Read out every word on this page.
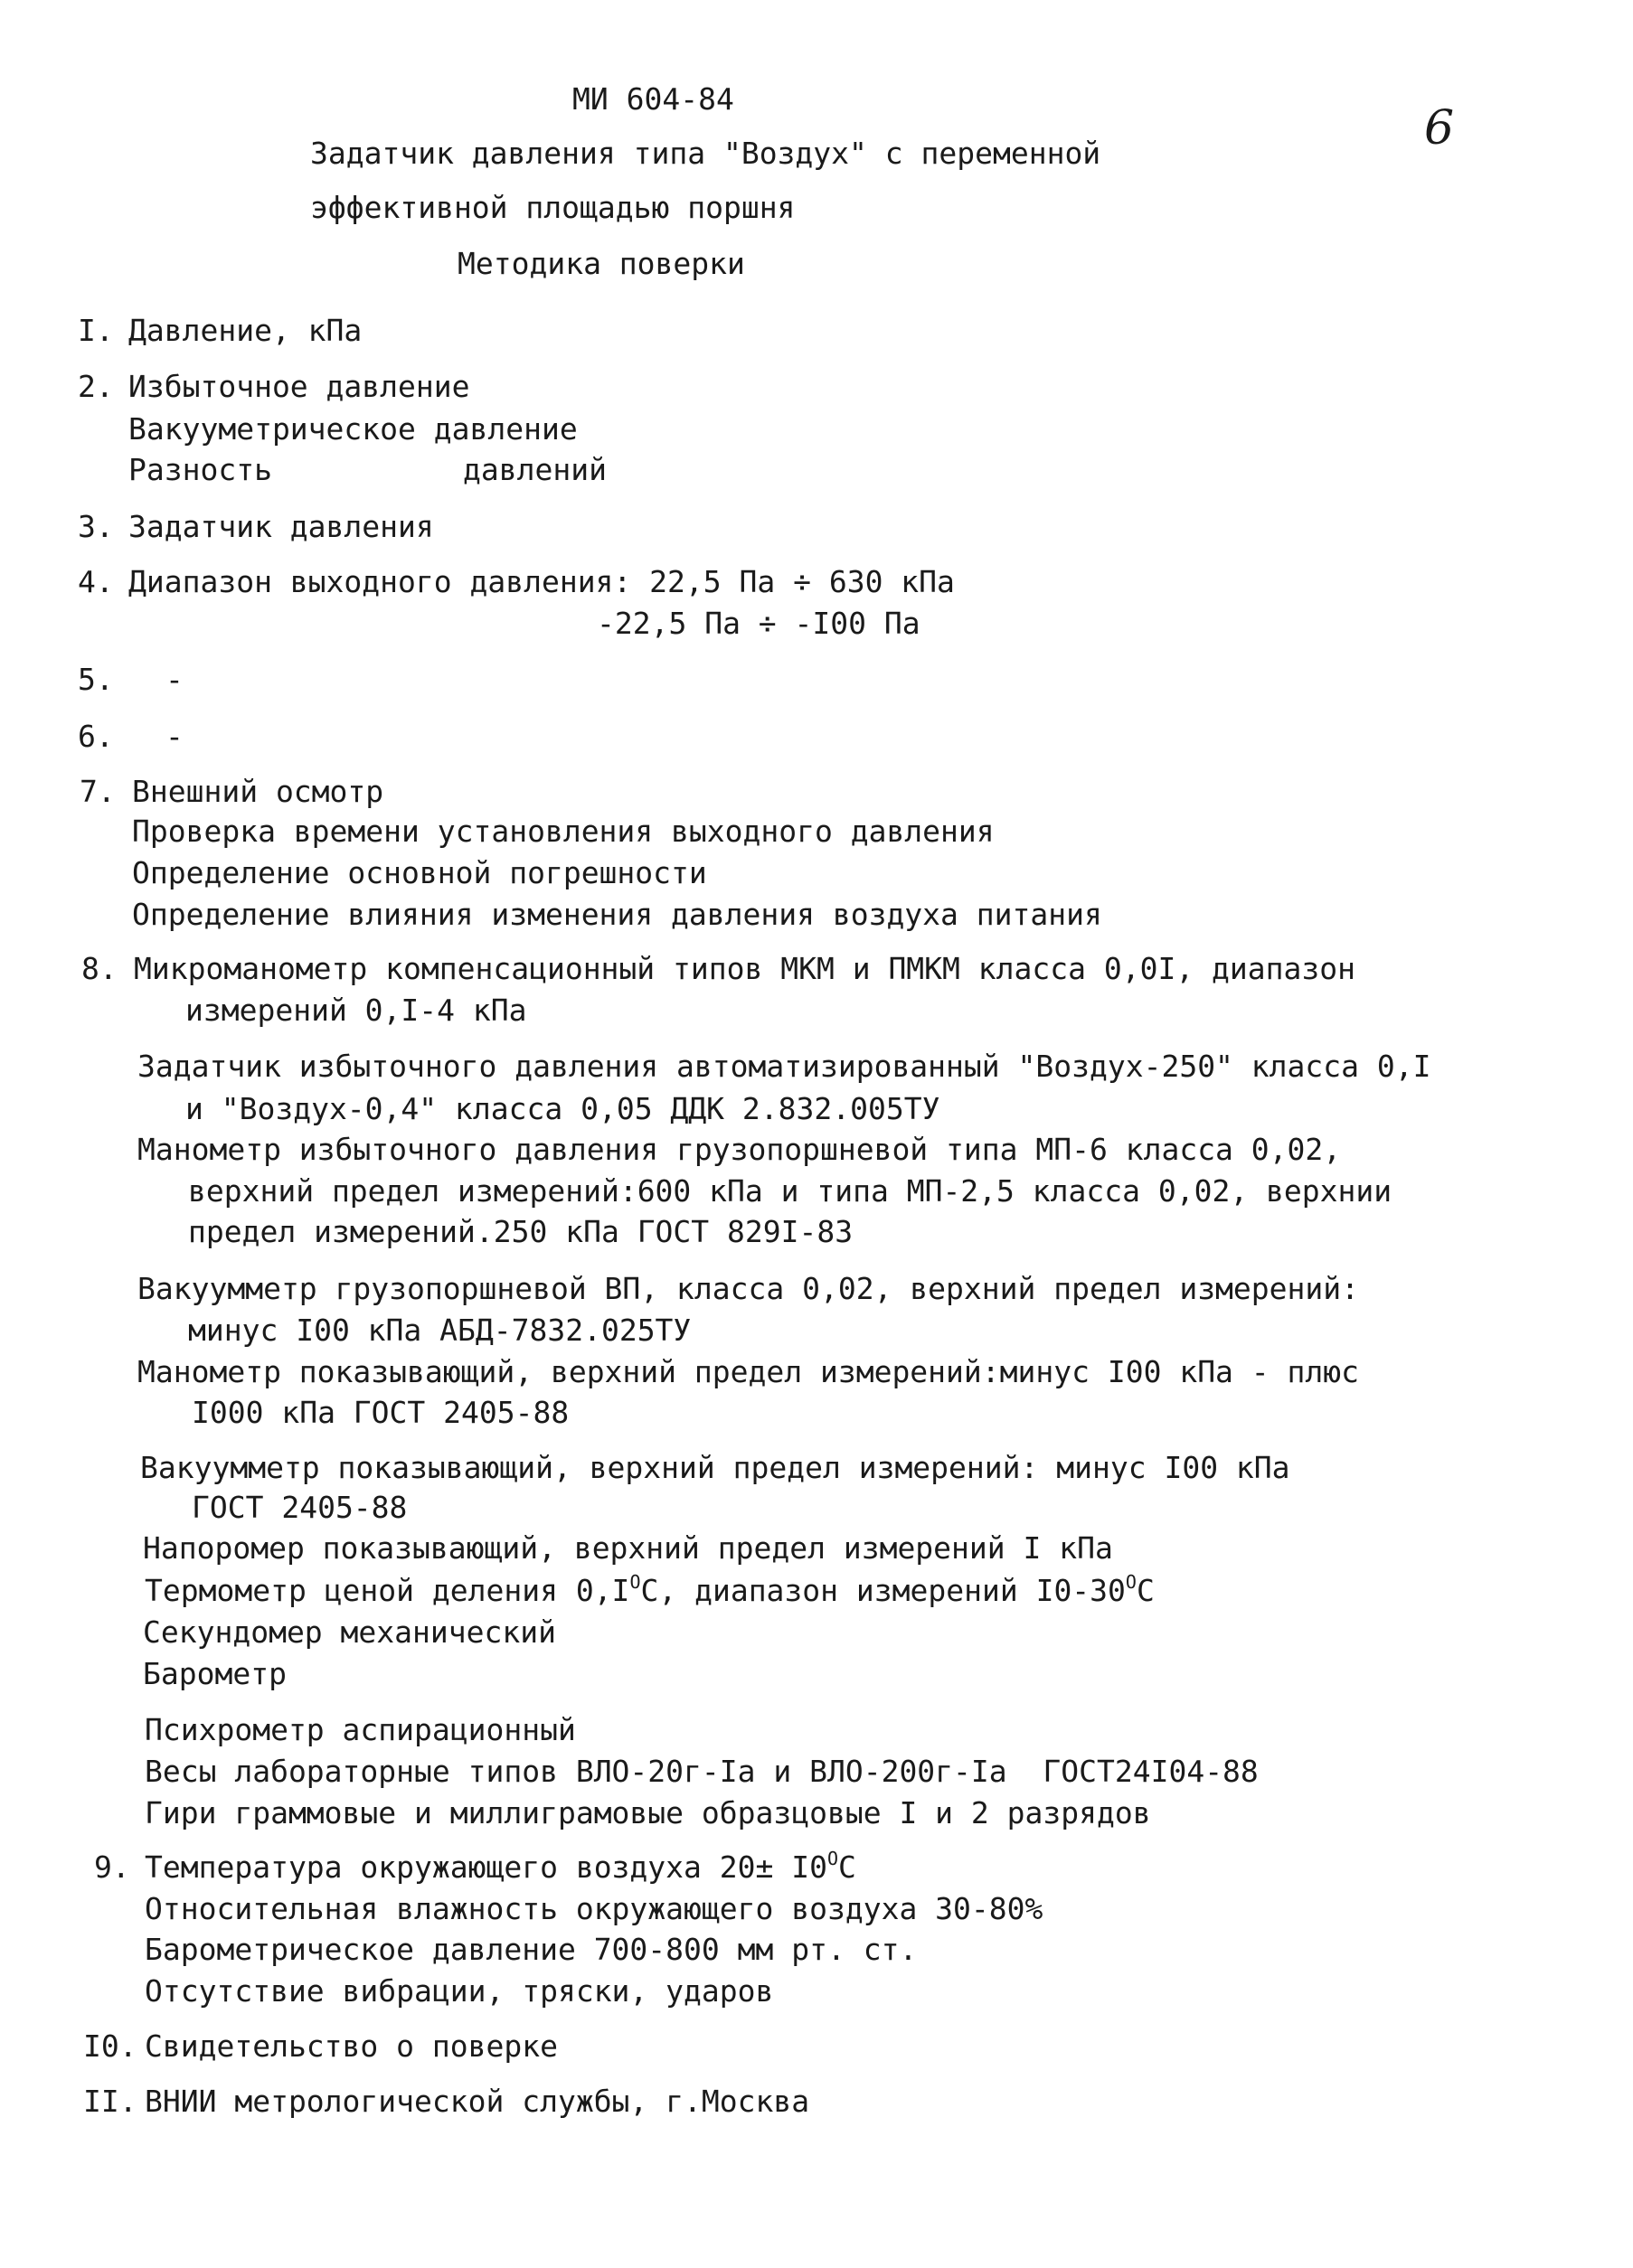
6
МИ 604-84
Задатчик давления типа "Воздух" с переменной
эффективной площадью поршня
Методика поверки
I. Давление, кПа
2. Избыточное давление
Вакууметрическое давление
Разность	давлений
3. Задатчик давления
4. Диапазон выходного давления: 22,5 Па ÷ 630 кПа
-22,5 Па ÷ -I00 Па
5. -
6. -
7. Внешний осмотр
Проверка времени установления выходного давления
Определение основной погрешности
Определение влияния изменения давления воздуха питания
8. Микроманометр компенсационный типов МКМ и ПМКМ класса 0,0I, диапазон
измерений 0,I-4 кПа
Задатчик избыточного давления автоматизированный "Воздух-250" класса 0,I
и "Воздух-0,4" класса 0,05 ДДК 2.832.005ТУ
Манометр избыточного давления грузопоршневой типа МП-6 класса 0,02,
верхний предел измерений:600 кПа и типа МП-2,5 класса 0,02, верхнии
предел измерений.250 кПа ГОСТ 829I-83
Вакуумметр грузопоршневой ВП, класса 0,02, верхний предел измерений:
минус I00 кПа АБД-7832.025ТУ
Манометр показывающий, верхний предел измерений:минус I00 кПа - плюс
I000 кПа ГОСТ 2405-88
Вакуумметр показывающий, верхний предел измерений: минус I00 кПа
ГОСТ 2405-88
Напоромер показывающий, верхний предел измерений I кПа
Термометр ценой деления $0,I^OС$, диапазон измерений $I0-30^OС$
Секундомер механический
Барометр
Психрометр аспирационный
Весы лабораторные типов ВЛО-20г-Iа и ВЛО-200г-Iа  ГОСТ24I04-88
Гири граммовые и миллиграмовые образцовые I и 2 разрядов
9. Температура окружающего воздуха $20\pm I0^OС$
Относительная влажность окружающего воздуха 30-80%
Барометрическое давление 700-800 мм рт. ст.
Отсутствие вибрации, тряски, ударов
I0. Свидетельство о поверке
II. ВНИИ метрологической службы, г.Москва
